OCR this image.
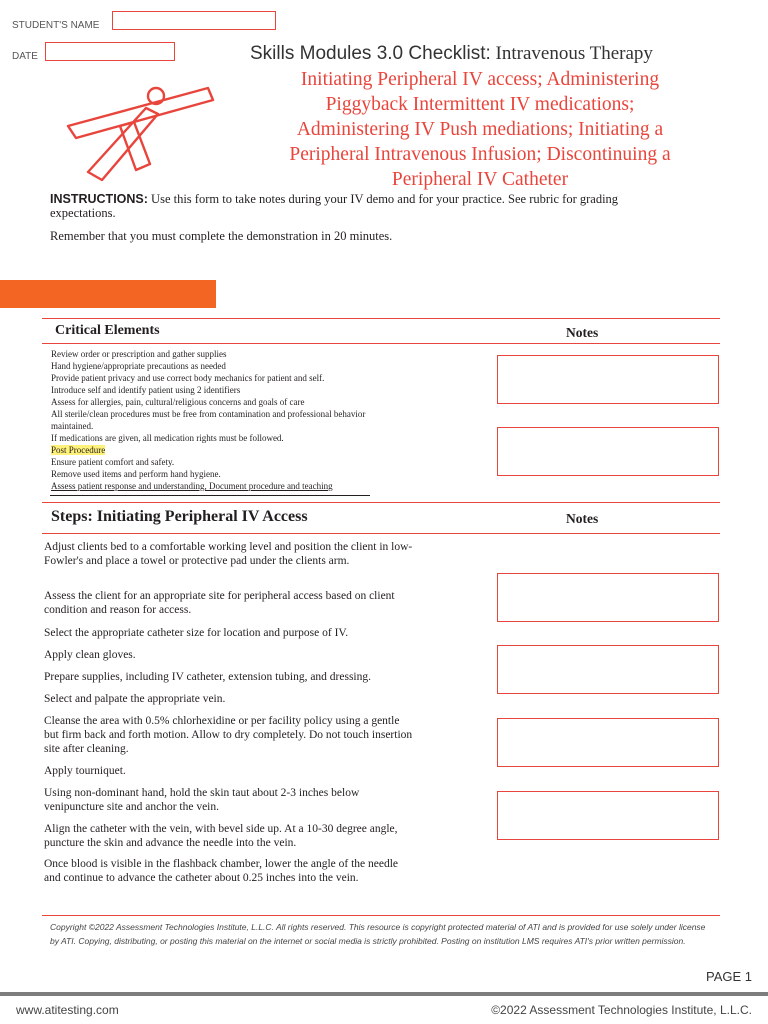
STUDENT'S NAME
DATE	Skills Modules 3.0 Checklist: Intravenous Therapy
Initiating Peripheral IV access; Administering
Piggyback Intermittent IV medications;
Administering IV Push mediations; Initiating a
Peripheral Intravenous Infusion; Discontinuing a
Peripheral IV Catheter
INSTRUCTIONS: Use this form to take notes during your IV demo and for your practice. See rubric for grading expectations.
Remember that you must complete the demonstration in 20 minutes.
Critical Elements	Notes
Review order or prescription and gather supplies
Hand hygiene/appropriate precautions as needed
Provide patient privacy and use correct body mechanics for patient and self.
Introduce self and identify patient using 2 identifiers
Assess for allergies, pain, cultural/religious concerns and goals of care
All sterile/clean procedures must be free from contamination and professional behavior
maintained.
If medications are given, all medication rights must be followed.
Post Procedure
Ensure patient comfort and safety.
Remove used items and perform hand hygiene.
Assess patient response and understanding, Document procedure and teaching
Steps: Initiating Peripheral IV Access	Notes
Adjust clients bed to a comfortable working level and position the client in low-Fowler's and place a towel or protective pad under the clients arm.
Assess the client for an appropriate site for peripheral access based on client condition and reason for access.
Select the appropriate catheter size for location and purpose of IV.
Apply clean gloves.
Prepare supplies, including IV catheter, extension tubing, and dressing.
Select and palpate the appropriate vein.
Cleanse the area with 0.5% chlorhexidine or per facility policy using a gentle but firm back and forth motion. Allow to dry completely. Do not touch insertion site after cleaning.
Apply tourniquet.
Using non-dominant hand, hold the skin taut about 2-3 inches below venipuncture site and anchor the vein.
Align the catheter with the vein, with bevel side up. At a 10-30 degree angle, puncture the skin and advance the needle into the vein.
Once blood is visible in the flashback chamber, lower the angle of the needle and continue to advance the catheter about 0.25 inches into the vein.
Copyright ©2022 Assessment Technologies Institute, L.L.C. All rights reserved. This resource is copyright protected material of ATI and is provided for use solely under license by ATI. Copying, distributing, or posting this material on the internet or social media is strictly prohibited. Posting on institution LMS requires ATI's prior written permission.
PAGE 1
www.atitesting.com	©2022 Assessment Technologies Institute, L.L.C.
